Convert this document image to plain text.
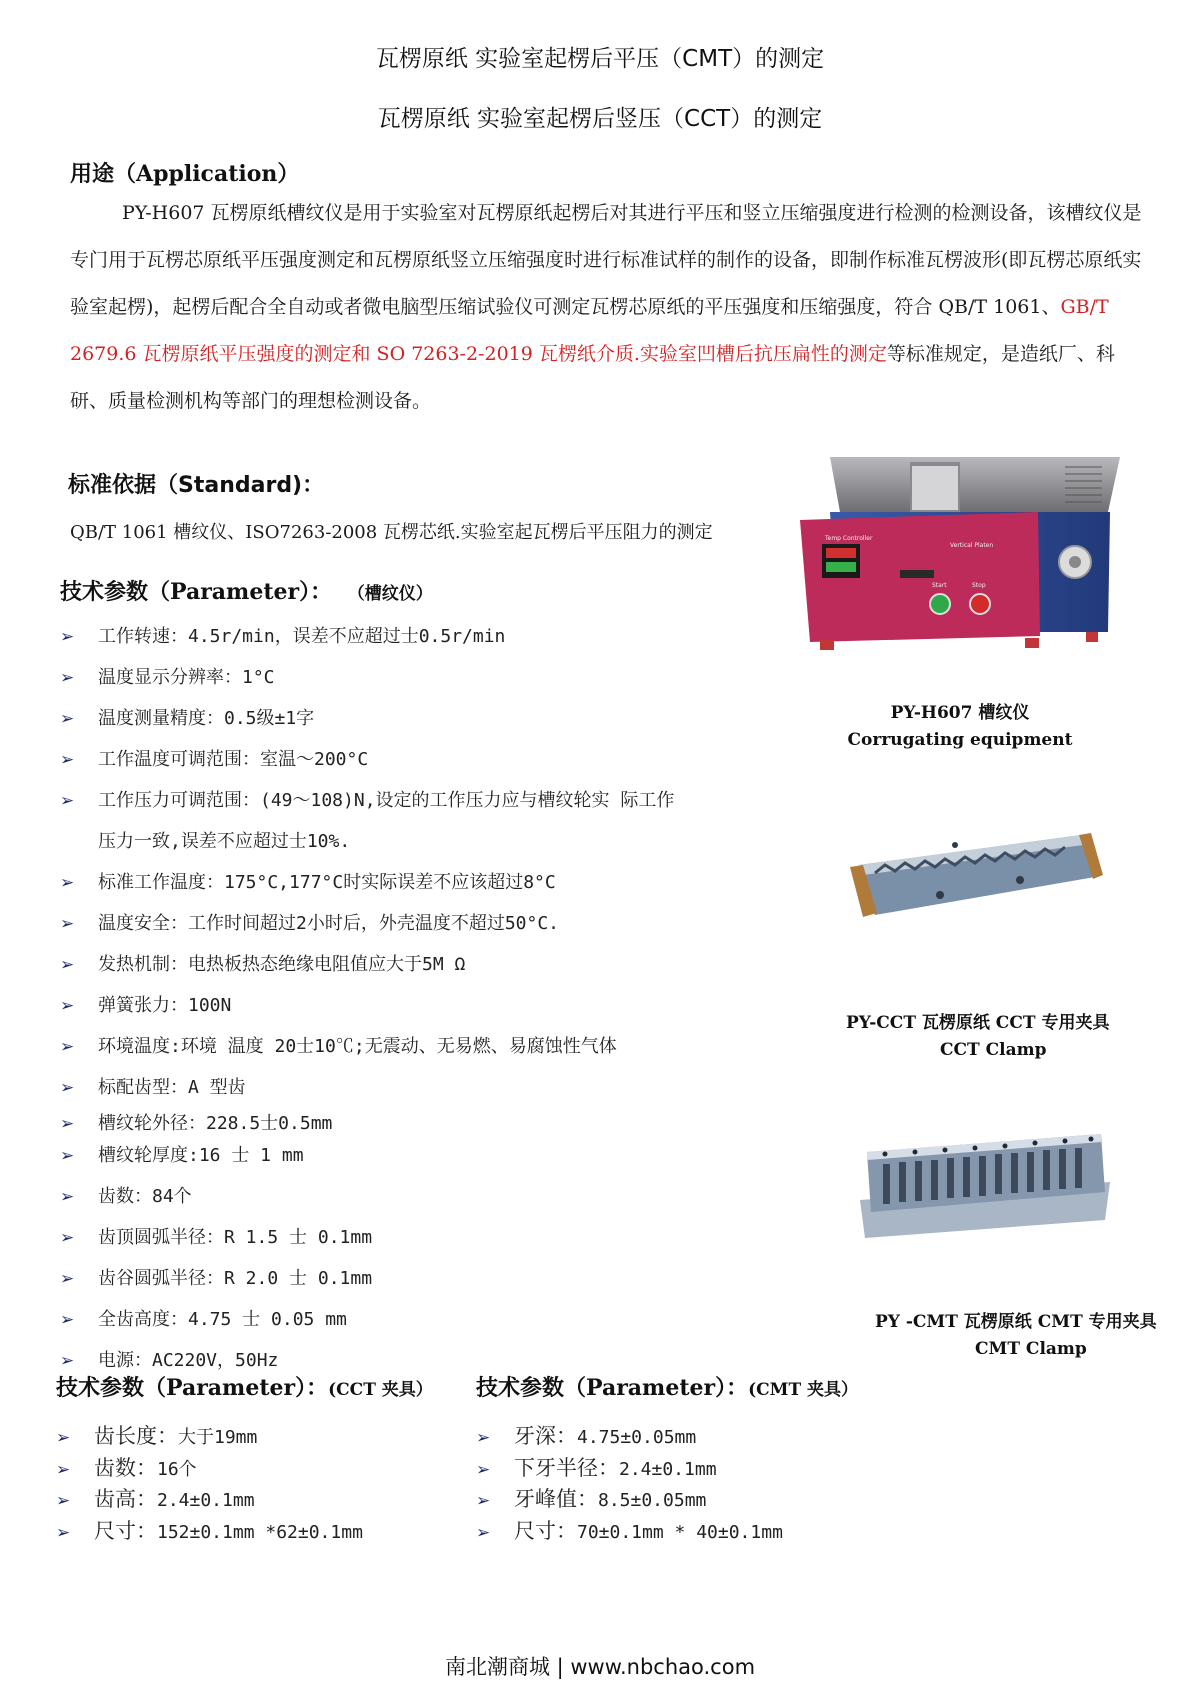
瓦楞原纸 实验室起楞后平压（CMT）的测定
瓦楞原纸 实验室起楞后竖压（CCT）的测定
用途（Application）
PY-H607 瓦楞原纸槽纹仪是用于实验室对瓦楞原纸起楞后对其进行平压和竖立压缩强度进行检测的检测设备，该槽纹仪是专门用于瓦楞芯原纸平压强度测定和瓦楞原纸竖立压缩强度时进行标准试样的制作的设备，即制作标准瓦楞波形(即瓦楞芯原纸实验室起楞)，起楞后配合全自动或者微电脑型压缩试验仪可测定瓦楞芯原纸的平压强度和压缩强度，符合 QB/T 1061、GB/T 2679.6 瓦楞原纸平压强度的测定和 SO 7263-2-2019 瓦楞纸介质.实验室凹槽后抗压扁性的测定等标准规定，是造纸厂、科研、质量检测机构等部门的理想检测设备。
标准依据（Standard)：
QB/T 1061 槽纹仪、ISO7263-2008 瓦楞芯纸.实验室起瓦楞后平压阻力的测定
技术参数（Parameter）： （槽纹仪）
➢ 工作转速：4.5r/min，误差不应超过士0.5r/min
➢ 温度显示分辨率：1°C
➢ 温度测量精度：0.5级±1字
➢ 工作温度可调范围：室温～200°C
➢ 工作压力可调范围：(49～108)N,设定的工作压力应与槽纹轮实 际工作
➢ 标准工作温度：175°C,177°C时实际误差不应该超过8°C
➢ 温度安全：工作时间超过2小时后，外壳温度不超过50°C.
➢ 发热机制：电热板热态绝缘电阻值应大于5M Ω
➢ 弹簧张力：100N
➢ 环境温度:环境 温度 20士10℃;无震动、无易燃、易腐蚀性气体
➢ 标配齿型：A 型齿
➢ 槽纹轮外径：228.5士0.5mm
➢ 槽纹轮厚度:16 士 1 mm
➢ 齿数：84个
➢ 齿顶圆弧半径：R 1.5 士 0.1mm
➢ 齿谷圆弧半径：R 2.0 士 0.1mm
➢ 全齿高度：4.75 士 0.05 mm
➢ 电源：AC220V，50Hz
压力一致,误差不应超过士10%.
Temp Controller
Vertical Platen
Start	Stop
PY-H607 槽纹仪
Corrugating equipment
PY-CCT 瓦楞原纸 CCT 专用夹具
CCT Clamp
PY -CMT 瓦楞原纸 CMT 专用夹具
CMT Clamp
技术参数（Parameter）：(CCT 夹具）
➢ 齿长度：大于19mm
➢ 齿数：16个
➢ 齿高：2.4±0.1mm
➢ 尺寸：152±0.1mm *62±0.1mm
技术参数（Parameter）：(CMT 夹具）
➢ 牙深：4.75±0.05mm
➢ 下牙半径：2.4±0.1mm
➢ 牙峰值：8.5±0.05mm
➢ 尺寸：70±0.1mm * 40±0.1mm
南北潮商城 | www.nbchao.com
